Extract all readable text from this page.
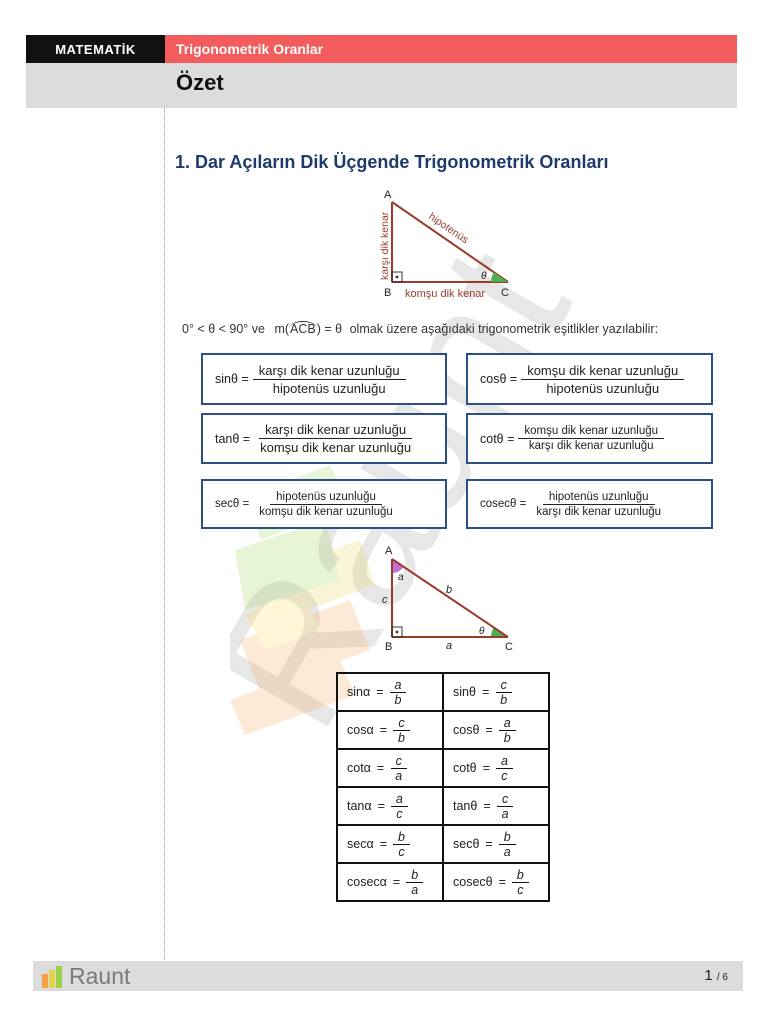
MATEMATİK	Trigonometrik Oranlar
Özet
1. Dar Açıların Dik Üçgende Trigonometrik Oranları
A
B	C
θ
karşı dik kenar	hipotenüs
komşu dik kenar
0° < θ < 90° ve m(ACB) = θ olmak üzere aşağıdaki trigonometrik eşitlikler yazılabilir:
$\sin\theta = \frac{\text{karşı dik kenar uzunluğu}}{\text{hipotenüs uzunluğu}}$	$\cos\theta = \frac{\text{komşu dik kenar uzunluğu}}{\text{hipotenüs uzunluğu}}$
$\tan\theta = \frac{\text{karşı dik kenar uzunluğu}}{\text{komşu dik kenar uzunluğu}}$	$\cot\theta = \frac{\text{komşu dik kenar uzunluğu}}{\text{karşı dik kenar uzunluğu}}$
$\sec\theta = \frac{\text{hipotenüs uzunluğu}}{\text{komşu dik kenar uzunluğu}}$	$cosec\theta = \frac{\text{hipotenüs uzunluğu}}{\text{karşı dik kenar uzunluğu}}$
A
B	C
a
θ
c
b
a
$\sin\alpha = \frac{a}{b}$	$\sin\theta = \frac{c}{b}$

$\cos\alpha = \frac{c}{b}$	$\cos\theta = \frac{a}{b}$

$\cot\alpha = \frac{c}{a}$	$\cot\theta = \frac{a}{c}$

$\tan\alpha = \frac{a}{c}$	$\tan\theta = \frac{c}{a}$

$\sec\alpha = \frac{b}{c}$	$\sec\theta = \frac{b}{a}$

$cosec\alpha = \frac{b}{a}$	$cosec\theta = \frac{b}{c}$
Raunt	1 / 6
